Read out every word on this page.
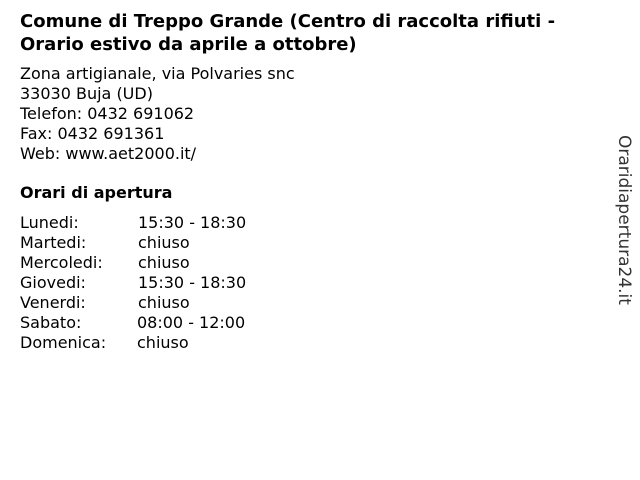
Comune di Treppo Grande (Centro di raccolta rifiuti - Orario estivo da aprile a ottobre)
Zona artigianale, via Polvaries snc
33030 Buja (UD)
Telefon: 0432 691062
Fax: 0432 691361
Web: www.aet2000.it/
Orari di apertura
Lunedi:	15:30 - 18:30
Martedi:	chiuso
Mercoledi: chiuso
Giovedi:	15:30 - 18:30
Venerdi:	chiuso
Sabato:	08:00 - 12:00
Domenica: chiuso
Oraridiapertura24.it
